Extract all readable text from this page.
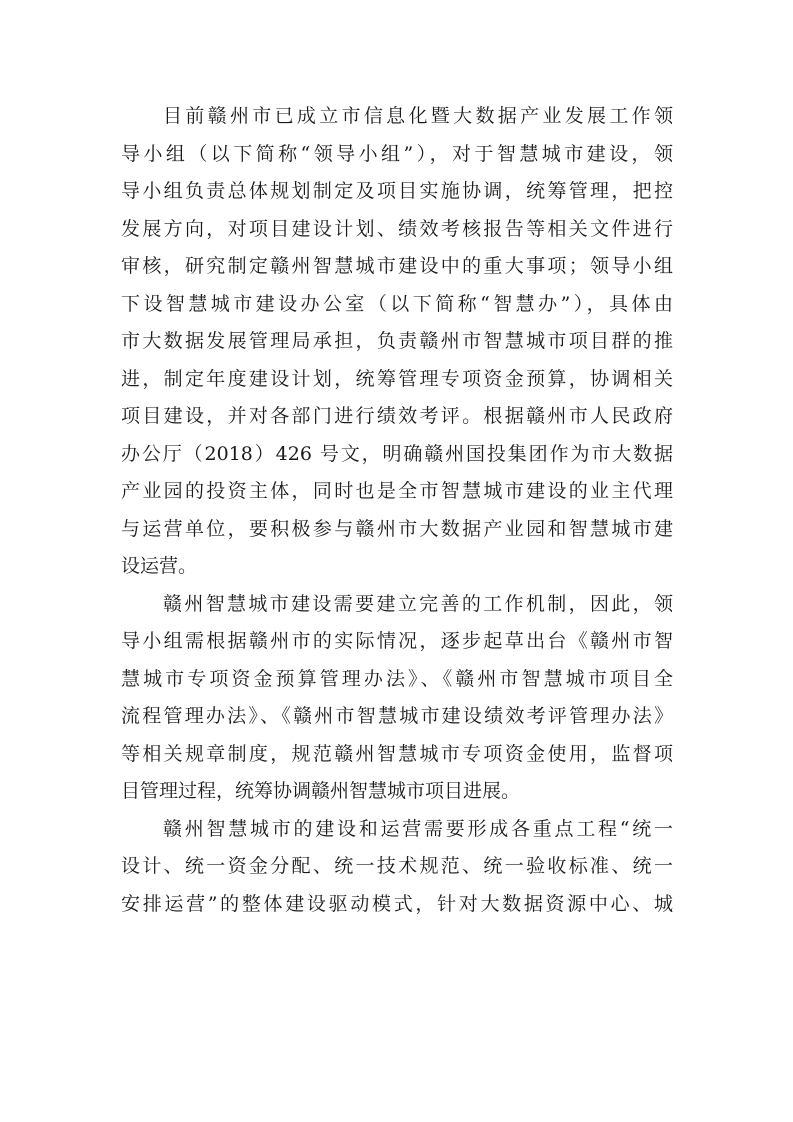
目前赣州市已成立市信息化暨大数据产业发展工作领
导小组（以下简称“领导小组”），对于智慧城市建设，领
导小组负责总体规划制定及项目实施协调，统筹管理，把控
发展方向，对项目建设计划、绩效考核报告等相关文件进行
审核，研究制定赣州智慧城市建设中的重大事项；领导小组
下设智慧城市建设办公室（以下简称“智慧办”），具体由
市大数据发展管理局承担，负责赣州市智慧城市项目群的推
进，制定年度建设计划，统筹管理专项资金预算，协调相关
项目建设，并对各部门进行绩效考评。根据赣州市人民政府
办公厅（2018）426 号文，明确赣州国投集团作为市大数据
产业园的投资主体，同时也是全市智慧城市建设的业主代理
与运营单位，要积极参与赣州市大数据产业园和智慧城市建
设运营。

赣州智慧城市建设需要建立完善的工作机制，因此，领
导小组需根据赣州市的实际情况，逐步起草出台《赣州市智
慧城市专项资金预算管理办法》、《赣州市智慧城市项目全
流程管理办法》、《赣州市智慧城市建设绩效考评管理办法》
等相关规章制度，规范赣州智慧城市专项资金使用，监督项
目管理过程，统筹协调赣州智慧城市项目进展。

赣州智慧城市的建设和运营需要形成各重点工程“统一
设计、统一资金分配、统一技术规范、统一验收标准、统一
安排运营”的整体建设驱动模式，针对大数据资源中心、城
